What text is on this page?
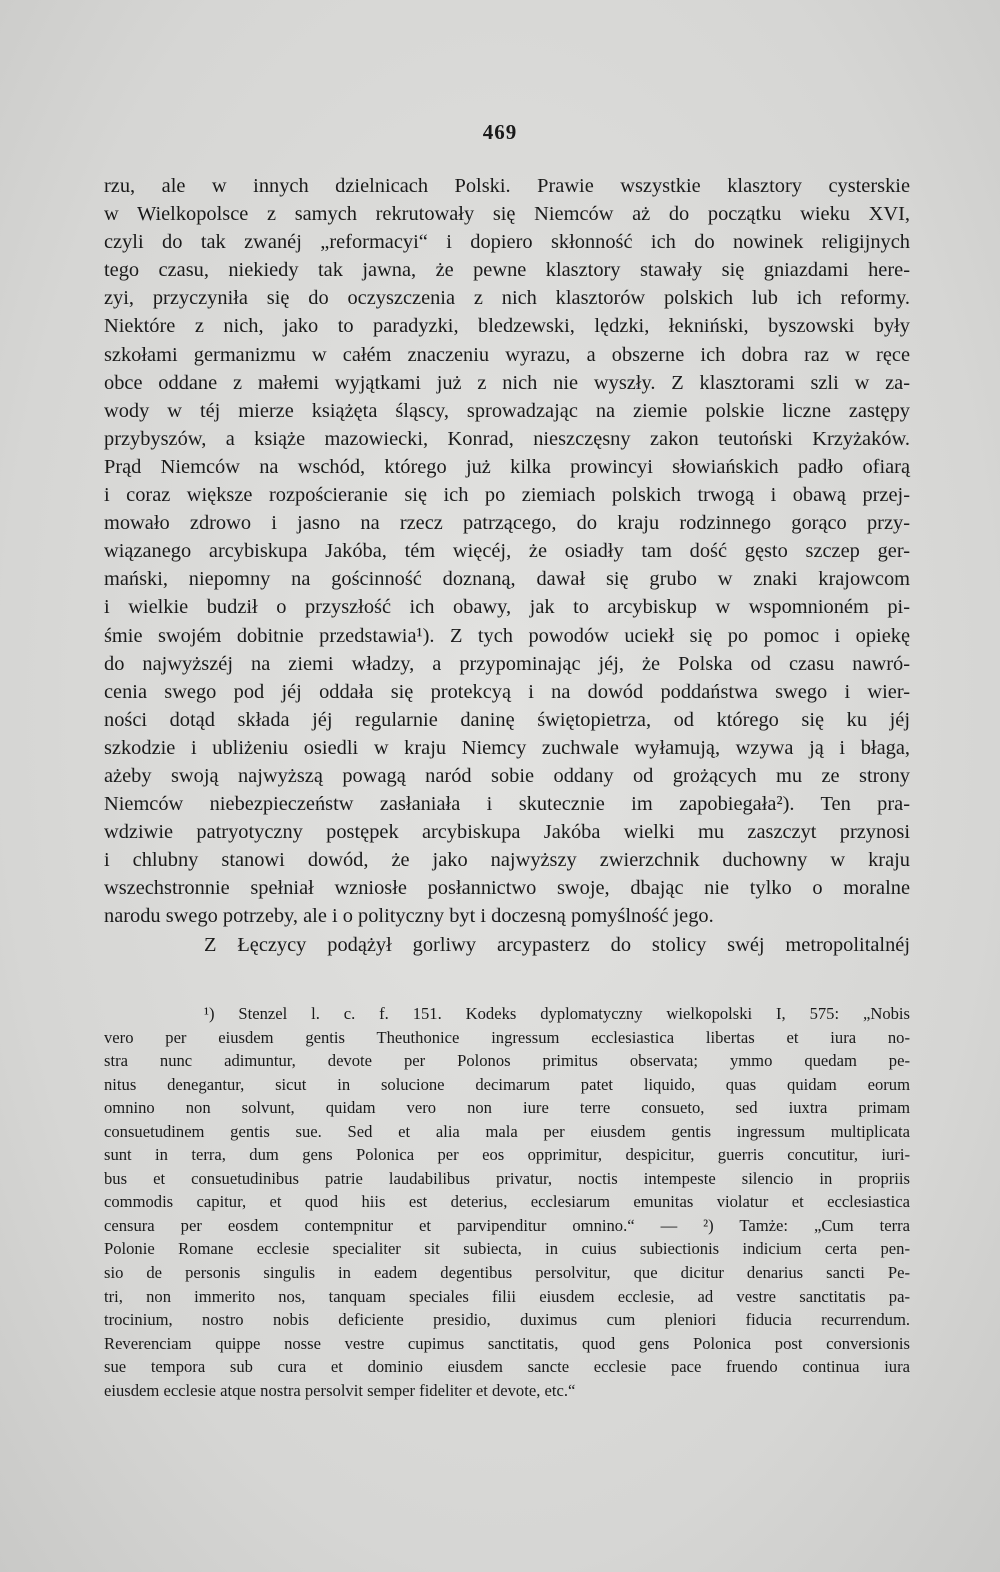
469
rzu, ale w innych dzielnicach Polski. Prawie wszystkie klasztory cysterskie
w Wielkopolsce z samych rekrutowały się Niemców aż do początku wieku XVI,
czyli do tak zwanéj „reformacyi“ i dopiero skłonność ich do nowinek religijnych
tego czasu, niekiedy tak jawna, że pewne klasztory stawały się gniazdami here-
zyi, przyczyniła się do oczyszczenia z nich klasztorów polskich lub ich reformy.
Niektóre z nich, jako to paradyzki, bledzewski, lędzki, łekniński, byszowski były
szkołami germanizmu w całém znaczeniu wyrazu, a obszerne ich dobra raz w ręce
obce oddane z małemi wyjątkami już z nich nie wyszły. Z klasztorami szli w za-
wody w téj mierze książęta śląscy, sprowadzając na ziemie polskie liczne zastępy
przybyszów, a książe mazowiecki, Konrad, nieszczęsny zakon teutoński Krzyżaków.
Prąd Niemców na wschód, którego już kilka prowincyi słowiańskich padło ofiarą
i coraz większe rozpościeranie się ich po ziemiach polskich trwogą i obawą przej-
mowało zdrowo i jasno na rzecz patrzącego, do kraju rodzinnego gorąco przy-
wiązanego arcybiskupa Jakóba, tém więcéj, że osiadły tam dość gęsto szczep ger-
mański, niepomny na gościnność doznaną, dawał się grubo w znaki krajowcom
i wielkie budził o przyszłość ich obawy, jak to arcybiskup w wspomnioném pi-
śmie swojém dobitnie przedstawia¹). Z tych powodów uciekł się po pomoc i opiekę
do najwyższéj na ziemi władzy, a przypominając jéj, że Polska od czasu nawró-
cenia swego pod jéj oddała się protekcyą i na dowód poddaństwa swego i wier-
ności dotąd składa jéj regularnie daninę świętopietrza, od którego się ku jéj
szkodzie i ubliżeniu osiedli w kraju Niemcy zuchwale wyłamują, wzywa ją i błaga,
ażeby swoją najwyższą powagą naród sobie oddany od grożących mu ze strony
Niemców niebezpieczeństw zasłaniała i skutecznie im zapobiegała²). Ten pra-
wdziwie patryotyczny postępek arcybiskupa Jakóba wielki mu zaszczyt przynosi
i chlubny stanowi dowód, że jako najwyższy zwierzchnik duchowny w kraju
wszechstronnie spełniał wzniosłe posłannictwo swoje, dbając nie tylko o moralne
narodu swego potrzeby, ale i o polityczny byt i doczesną pomyślność jego.
Z Łęczycy podążył gorliwy arcypasterz do stolicy swéj metropolitalnéj
¹) Stenzel l. c. f. 151. Kodeks dyplomatyczny wielkopolski I, 575: „Nobis
vero per eiusdem gentis Theuthonice ingressum ecclesiastica libertas et iura no-
stra nunc adimuntur, devote per Polonos primitus observata; ymmo quedam pe-
nitus denegantur, sicut in solucione decimarum patet liquido, quas quidam eorum
omnino non solvunt, quidam vero non iure terre consueto, sed iuxtra primam
consuetudinem gentis sue. Sed et alia mala per eiusdem gentis ingressum multiplicata
sunt in terra, dum gens Polonica per eos opprimitur, despicitur, guerris concutitur, iuri-
bus et consuetudinibus patrie laudabilibus privatur, noctis intempeste silencio in propriis
commodis capitur, et quod hiis est deterius, ecclesiarum emunitas violatur et ecclesiastica
censura per eosdem contempnitur et parvipenditur omnino.“ — ²) Tamże: „Cum terra
Polonie Romane ecclesie specialiter sit subiecta, in cuius subiectionis indicium certa pen-
sio de personis singulis in eadem degentibus persolvitur, que dicitur denarius sancti Pe-
tri, non immerito nos, tanquam speciales filii eiusdem ecclesie, ad vestre sanctitatis pa-
trocinium, nostro nobis deficiente presidio, duximus cum pleniori fiducia recurrendum.
Reverenciam quippe nosse vestre cupimus sanctitatis, quod gens Polonica post conversionis
sue tempora sub cura et dominio eiusdem sancte ecclesie pace fruendo continua iura
eiusdem ecclesie atque nostra persolvit semper fideliter et devote, etc.“
